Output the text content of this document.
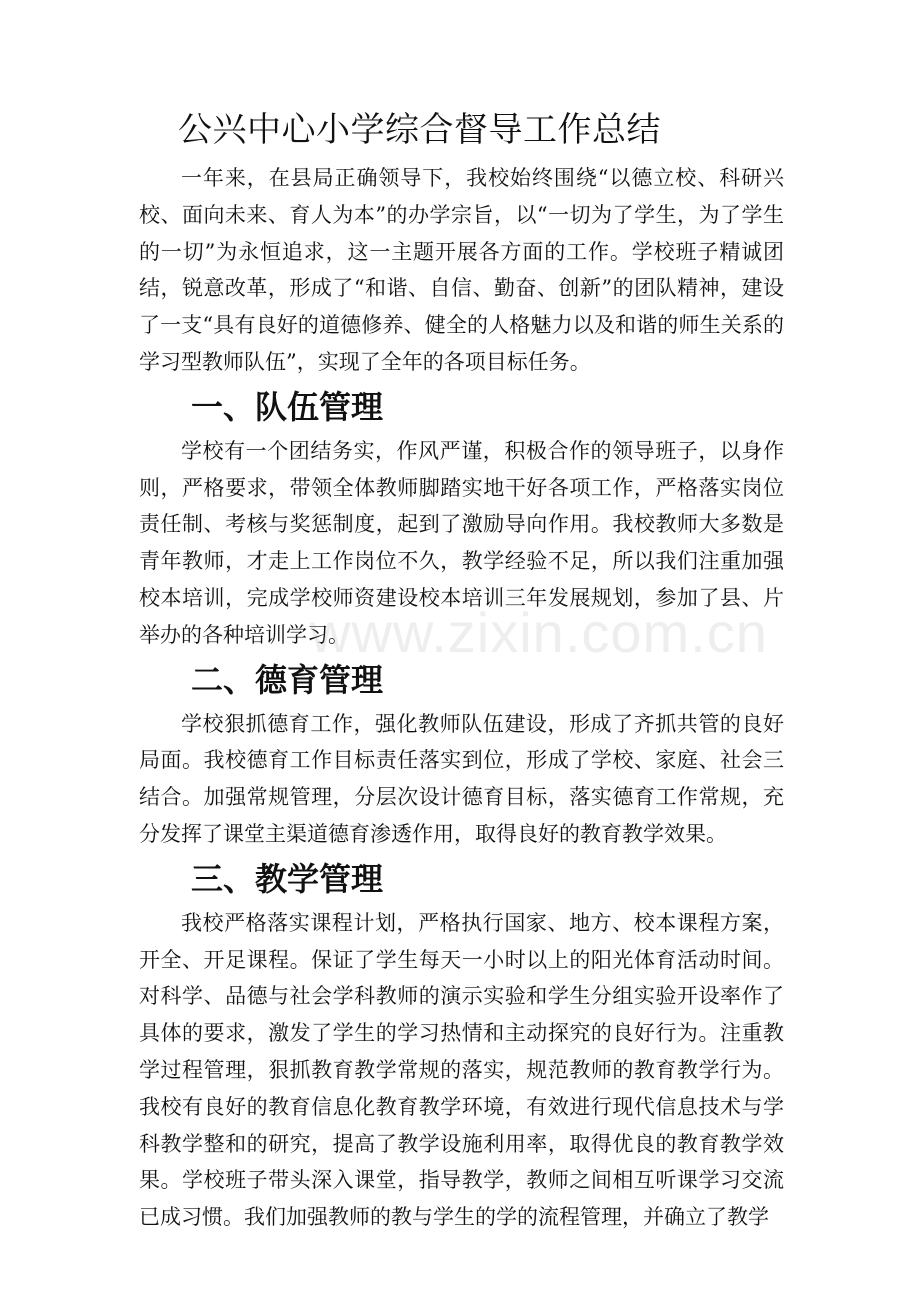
公兴中心小学综合督导工作总结

一年来，在县局正确领导下，我校始终围绕“以德立校、科研兴校、面向未来、育人为本”的办学宗旨，以“一切为了学生，为了学生的一切”为永恒追求，这一主题开展各方面的工作。学校班子精诚团结，锐意改革，形成了“和谐、自信、勤奋、创新”的团队精神，建设了一支“具有良好的道德修养、健全的人格魅力以及和谐的师生关系的学习型教师队伍”，实现了全年的各项目标任务。

一、队伍管理

学校有一个团结务实，作风严谨，积极合作的领导班子，以身作则，严格要求，带领全体教师脚踏实地干好各项工作，严格落实岗位责任制、考核与奖惩制度，起到了激励导向作用。我校教师大多数是青年教师，才走上工作岗位不久，教学经验不足，所以我们注重加强校本培训，完成学校师资建设校本培训三年发展规划，参加了县、片举办的各种培训学习。

二、德育管理

学校狠抓德育工作，强化教师队伍建设，形成了齐抓共管的良好局面。我校德育工作目标责任落实到位，形成了学校、家庭、社会三结合。加强常规管理，分层次设计德育目标，落实德育工作常规，充分发挥了课堂主渠道德育渗透作用，取得良好的教育教学效果。

三、教学管理

我校严格落实课程计划，严格执行国家、地方、校本课程方案，开全、开足课程。保证了学生每天一小时以上的阳光体育活动时间。对科学、品德与社会学科教师的演示实验和学生分组实验开设率作了具体的要求，激发了学生的学习热情和主动探究的良好行为。注重教学过程管理，狠抓教育教学常规的落实，规范教师的教育教学行为。我校有良好的教育信息化教育教学环境，有效进行现代信息技术与学科教学整和的研究，提高了教学设施利用率，取得优良的教育教学效果。学校班子带头深入课堂，指导教学，教师之间相互听课学习交流已成习惯。我们加强教师的教与学生的学的流程管理，并确立了教学

www.zixin.com.cn
